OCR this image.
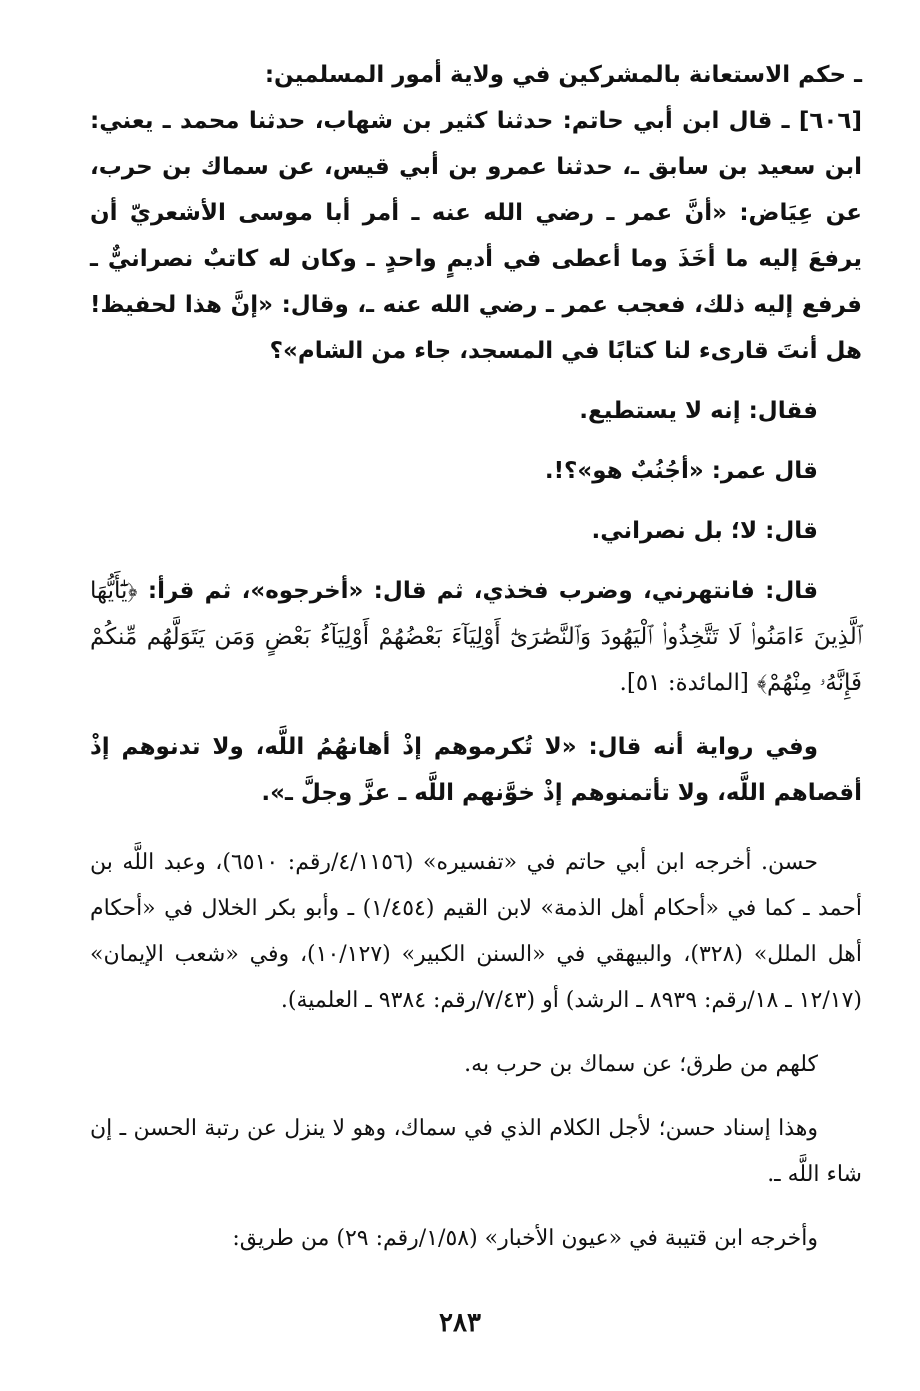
ـ حكم الاستعانة بالمشركين في ولاية أمور المسلمين:

[٦٠٦] ـ قال ابن أبي حاتم: حدثنا كثير بن شهاب، حدثنا محمد ـ يعني: ابن سعيد بن سابق ـ، حدثنا عمرو بن أبي قيس، عن سماك بن حرب، عن عِيَاض: «أنَّ عمر ـ رضي الله عنه ـ أمر أبا موسى الأشعريّ أن يرفعَ إليه ما أخَذَ وما أعطى في أديمٍ واحدٍ ـ وكان له كاتبٌ نصرانيٌّ ـ فرفع إليه ذلك، فعجب عمر ـ رضي الله عنه ـ، وقال: «إنَّ هذا لحفيظ! هل أنتَ قارىء لنا كتابًا في المسجد، جاء من الشام»؟

فقال: إنه لا يستطيع.

قال عمر: «أجُنُبٌ هو»؟!.

قال: لا؛ بل نصراني.

قال: فانتهرني، وضرب فخذي، ثم قال: «أخرجوه»، ثم قرأ: ﴿يَٰٓأَيُّهَا ٱلَّذِينَ ءَامَنُوا۟ لَا تَتَّخِذُوا۟ ٱلْيَهُودَ وَٱلنَّصَٰرَىٰٓ أَوْلِيَآءَ بَعْضُهُمْ أَوْلِيَآءُ بَعْضٍ وَمَن يَتَوَلَّهُم مِّنكُمْ فَإِنَّهُۥ مِنْهُمْ﴾ [المائدة: ٥١].

وفي رواية أنه قال: «لا تُكرموهم إذْ أهانهُمُ اللَّه، ولا تدنوهم إذْ أقصاهم اللَّه، ولا تأتمنوهم إذْ خوَّنهم اللَّه ـ عزَّ وجلَّ ـ».

حسن. أخرجه ابن أبي حاتم في «تفسيره» (٤/١١٥٦/رقم: ٦٥١٠)، وعبد اللَّه بن أحمد ـ كما في «أحكام أهل الذمة» لابن القيم (١/٤٥٤) ـ وأبو بكر الخلال في «أحكام أهل الملل» (٣٢٨)، والبيهقي في «السنن الكبير» (١٠/١٢٧)، وفي «شعب الإيمان» (١٢/١٧ ـ ١٨/رقم: ٨٩٣٩ ـ الرشد) أو (٧/٤٣/رقم: ٩٣٨٤ ـ العلمية).

كلهم من طرق؛ عن سماك بن حرب به.

وهذا إسناد حسن؛ لأجل الكلام الذي في سماك، وهو لا ينزل عن رتبة الحسن ـ إن شاء اللَّه ـ.

وأخرجه ابن قتيبة في «عيون الأخبار» (١/٥٨/رقم: ٢٩) من طريق:

٢٨٣
